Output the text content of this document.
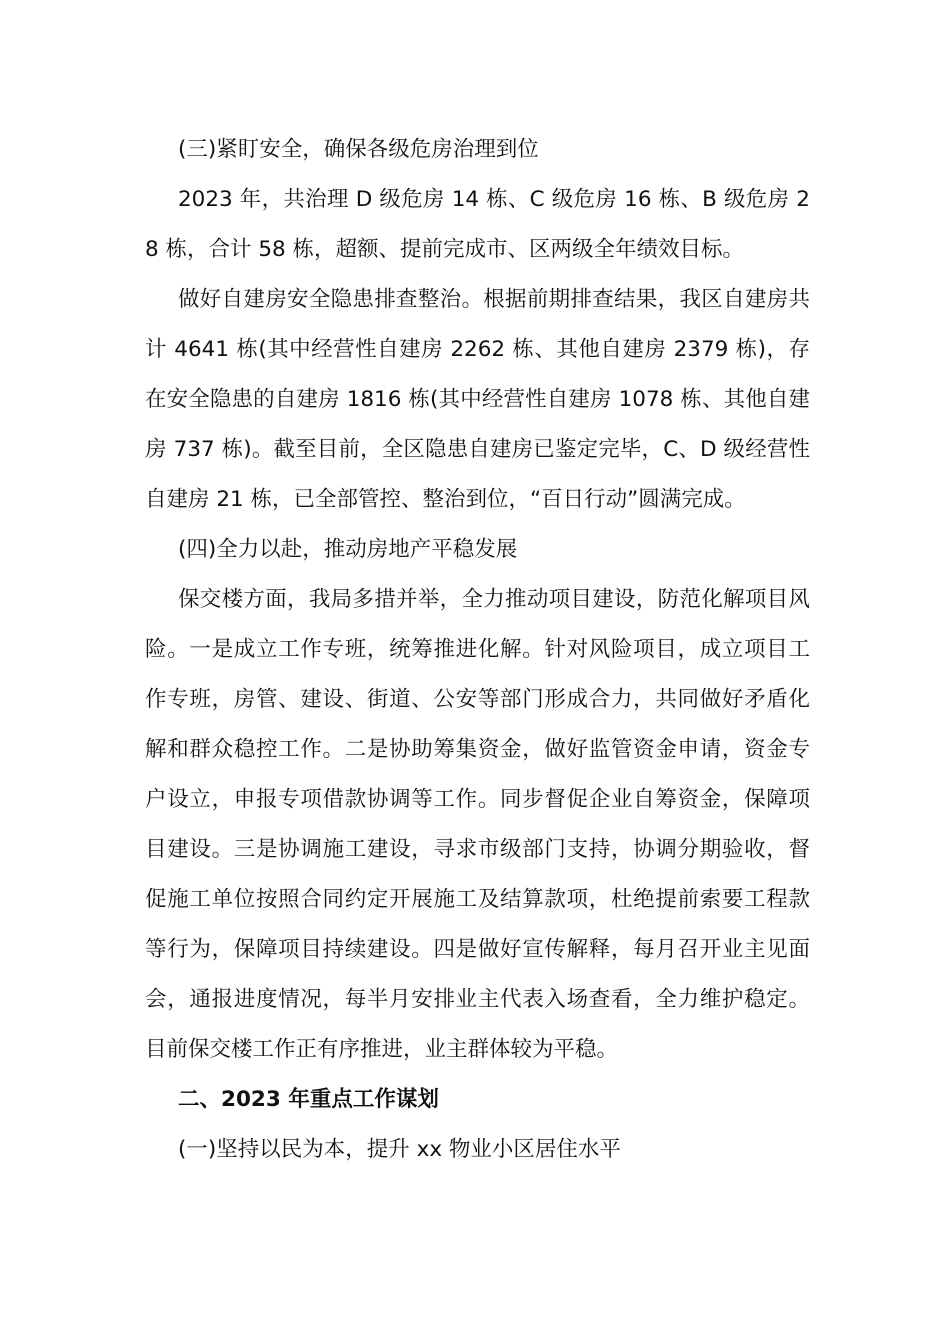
(三)紧盯安全，确保各级危房治理到位

2023 年，共治理 D 级危房 14 栋、C 级危房 16 栋、B 级危房 28 栋，合计 58 栋，超额、提前完成市、区两级全年绩效目标。

做好自建房安全隐患排查整治。根据前期排查结果，我区自建房共计 4641 栋(其中经营性自建房 2262 栋、其他自建房 2379 栋)，存在安全隐患的自建房 1816 栋(其中经营性自建房 1078 栋、其他自建房 737 栋)。截至目前，全区隐患自建房已鉴定完毕，C、D 级经营性自建房 21 栋，已全部管控、整治到位，“百日行动”圆满完成。

(四)全力以赴，推动房地产平稳发展

保交楼方面，我局多措并举，全力推动项目建设，防范化解项目风险。一是成立工作专班，统筹推进化解。针对风险项目，成立项目工作专班，房管、建设、街道、公安等部门形成合力，共同做好矛盾化解和群众稳控工作。二是协助筹集资金，做好监管资金申请，资金专户设立，申报专项借款协调等工作。同步督促企业自筹资金，保障项目建设。三是协调施工建设，寻求市级部门支持，协调分期验收，督促施工单位按照合同约定开展施工及结算款项，杜绝提前索要工程款等行为，保障项目持续建设。四是做好宣传解释，每月召开业主见面会，通报进度情况，每半月安排业主代表入场查看，全力维护稳定。目前保交楼工作正有序推进，业主群体较为平稳。

二、2023 年重点工作谋划

(一)坚持以民为本，提升 xx 物业小区居住水平
